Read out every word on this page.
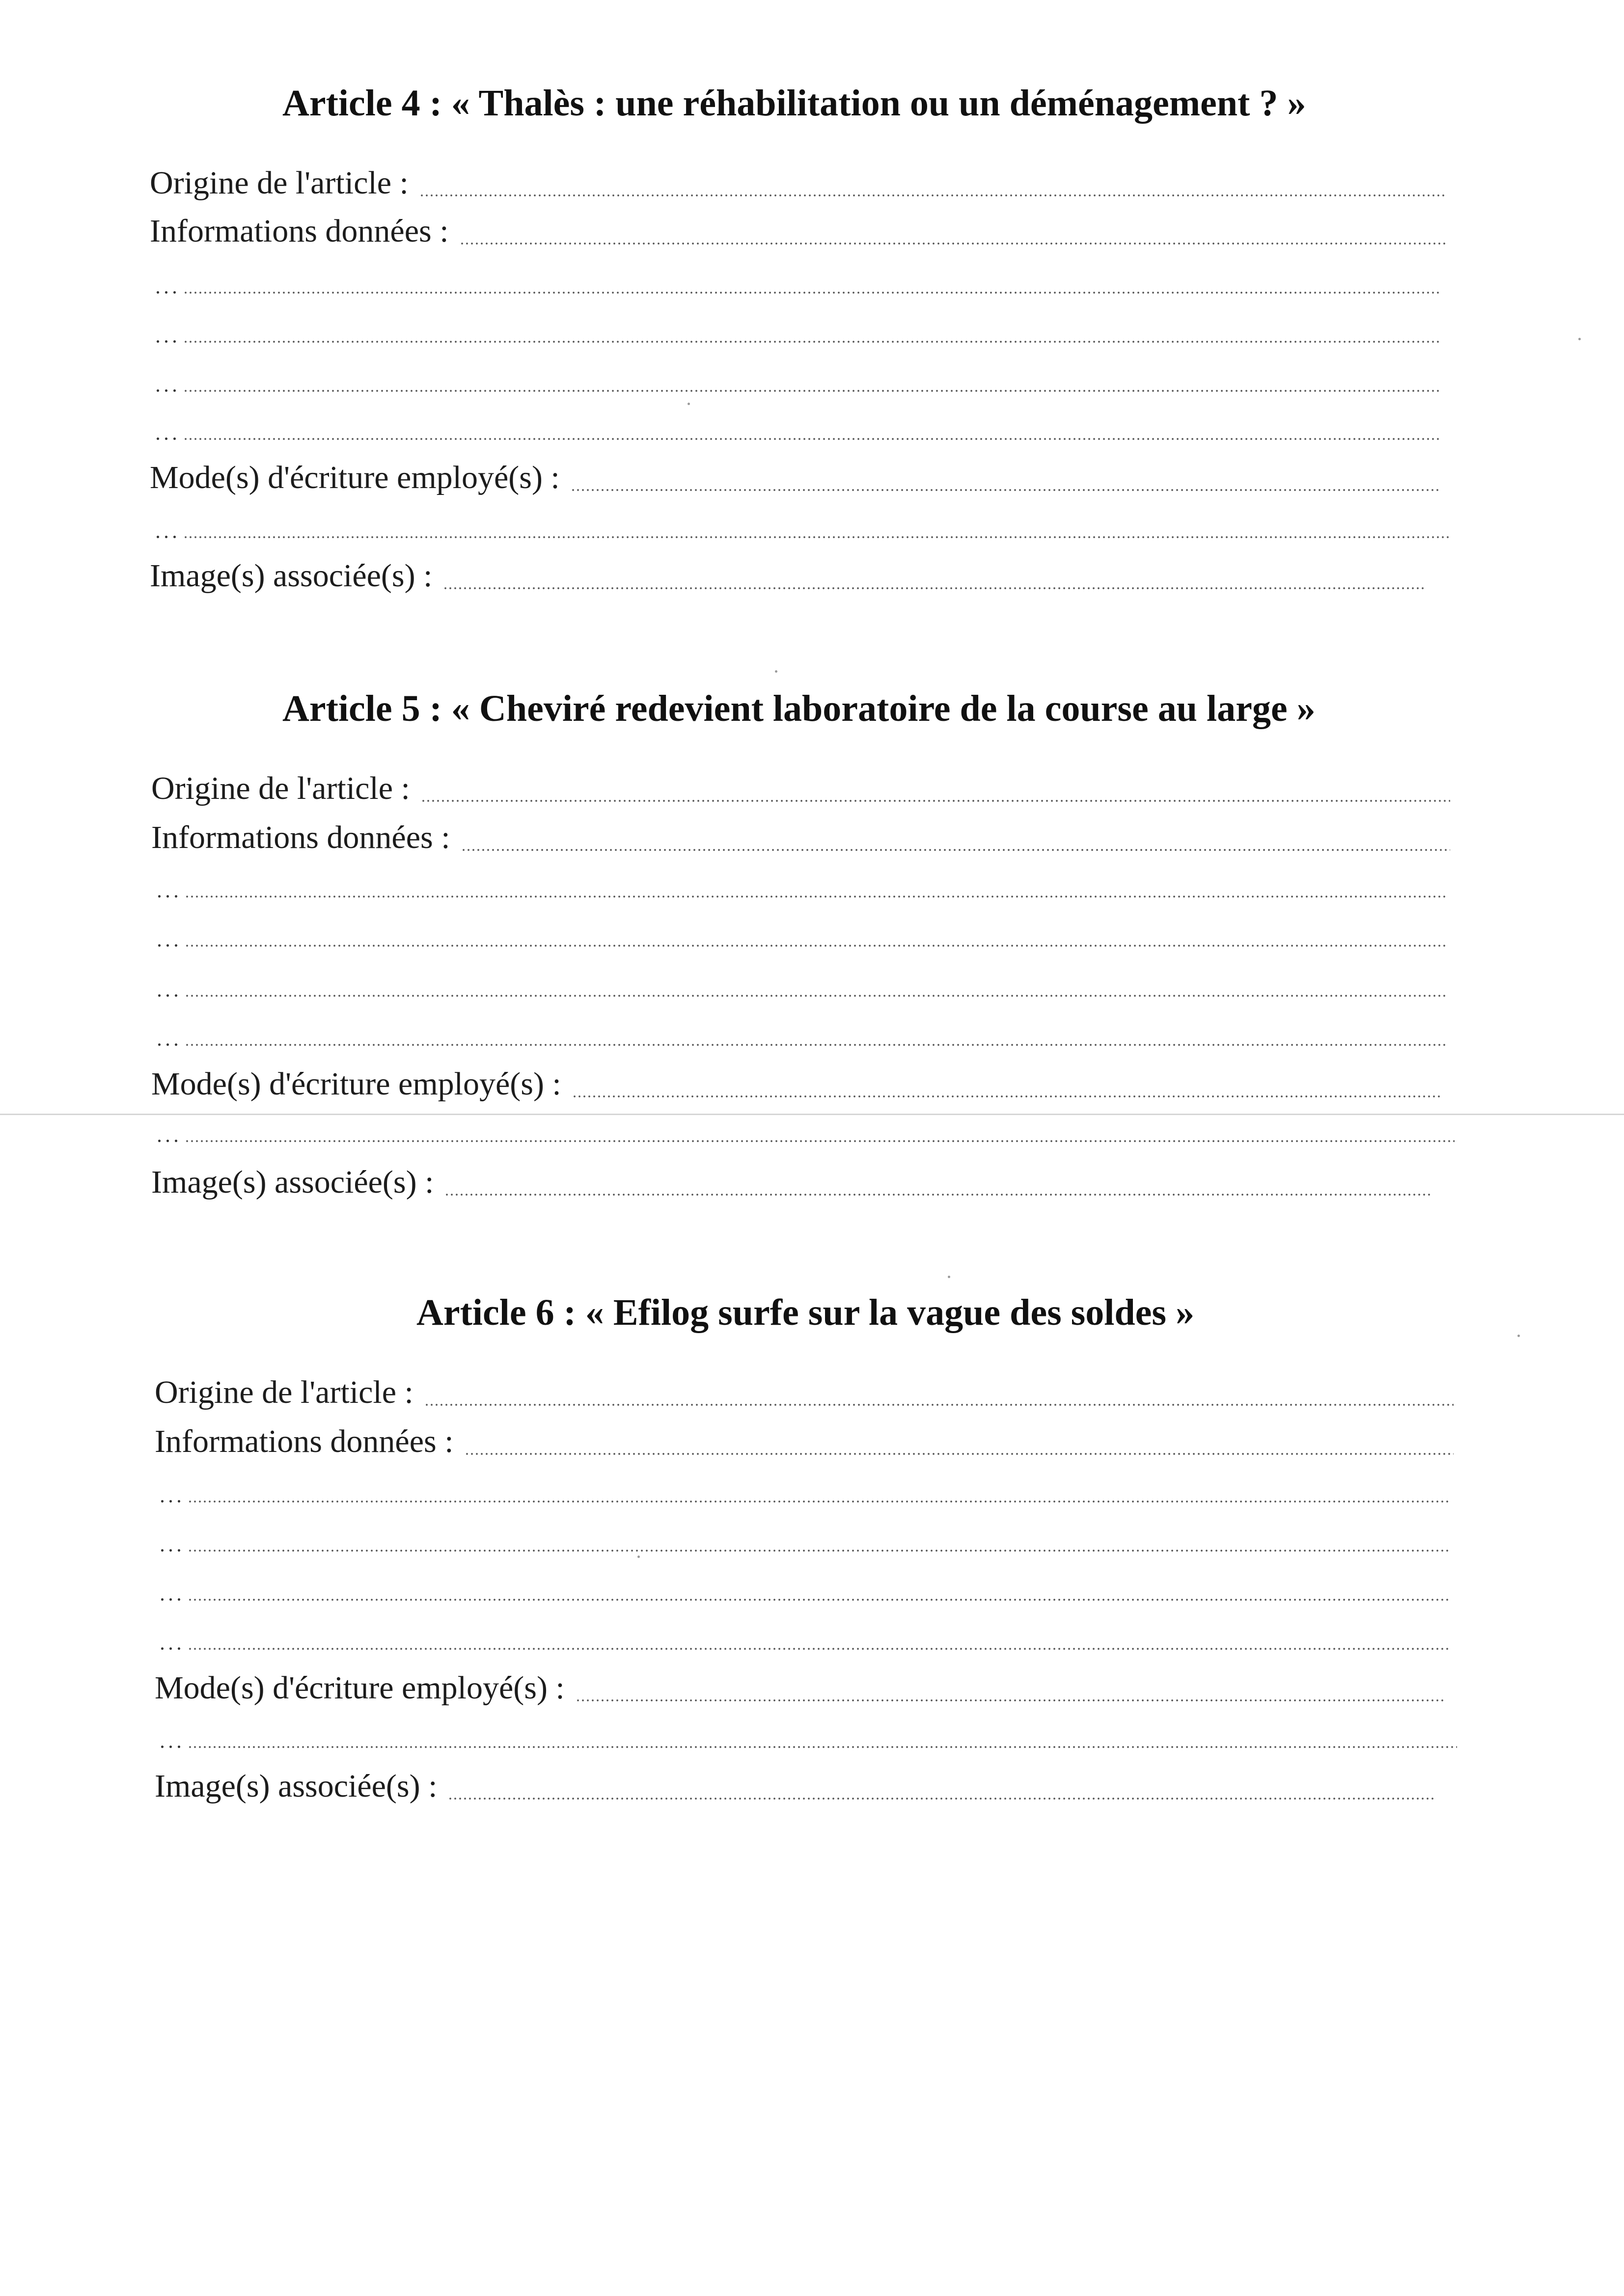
Article 4 : « Thalès : une réhabilitation ou un déménagement ? »
Origine de l'article :
Informations données :
Mode(s) d'écriture employé(s) :
Image(s) associée(s) :
Article 5 : « Cheviré redevient laboratoire de la course au large »
Origine de l'article :
Informations données :
Mode(s) d'écriture employé(s) :
Image(s) associée(s) :
Article 6 : « Efilog surfe sur la vague des soldes »
Origine de l'article :
Informations données :
Mode(s) d'écriture employé(s) :
Image(s) associée(s) :
